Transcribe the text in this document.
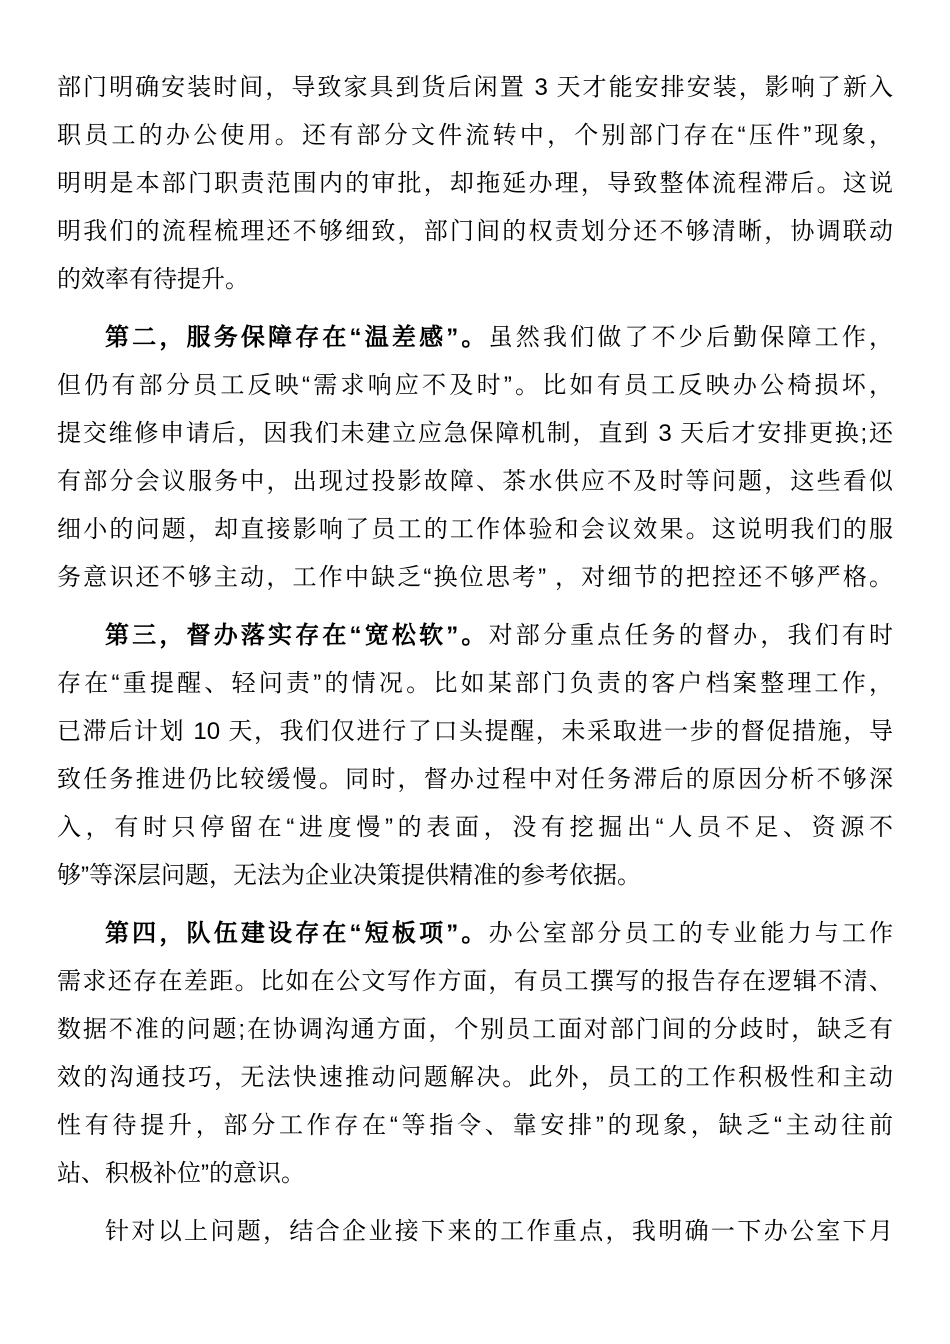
部门明确安装时间，导致家具到货后闲置 3 天才能安排安装，影响了新入
职员工的办公使用。还有部分文件流转中，个别部门存在“压件”现象，
明明是本部门职责范围内的审批，却拖延办理，导致整体流程滞后。这说
明我们的流程梳理还不够细致，部门间的权责划分还不够清晰，协调联动
的效率有待提升。
第二，服务保障存在“温差感”。虽然我们做了不少后勤保障工作，
但仍有部分员工反映“需求响应不及时”。比如有员工反映办公椅损坏，
提交维修申请后，因我们未建立应急保障机制，直到 3 天后才安排更换;还
有部分会议服务中，出现过投影故障、茶水供应不及时等问题，这些看似
细小的问题，却直接影响了员工的工作体验和会议效果。这说明我们的服
务意识还不够主动，工作中缺乏“换位思考” ，对细节的把控还不够严格。
第三，督办落实存在“宽松软”。对部分重点任务的督办，我们有时
存在“重提醒、轻问责”的情况。比如某部门负责的客户档案整理工作，
已滞后计划 10 天，我们仅进行了口头提醒，未采取进一步的督促措施，导
致任务推进仍比较缓慢。同时，督办过程中对任务滞后的原因分析不够深
入，有时只停留在“进度慢”的表面，没有挖掘出“人员不足、资源不
够”等深层问题，无法为企业决策提供精准的参考依据。
第四，队伍建设存在“短板项”。办公室部分员工的专业能力与工作
需求还存在差距。比如在公文写作方面，有员工撰写的报告存在逻辑不清、
数据不准的问题;在协调沟通方面，个别员工面对部门间的分歧时，缺乏有
效的沟通技巧，无法快速推动问题解决。此外，员工的工作积极性和主动
性有待提升，部分工作存在“等指令、靠安排”的现象，缺乏“主动往前
站、积极补位”的意识。
针对以上问题，结合企业接下来的工作重点，我明确一下办公室下月
